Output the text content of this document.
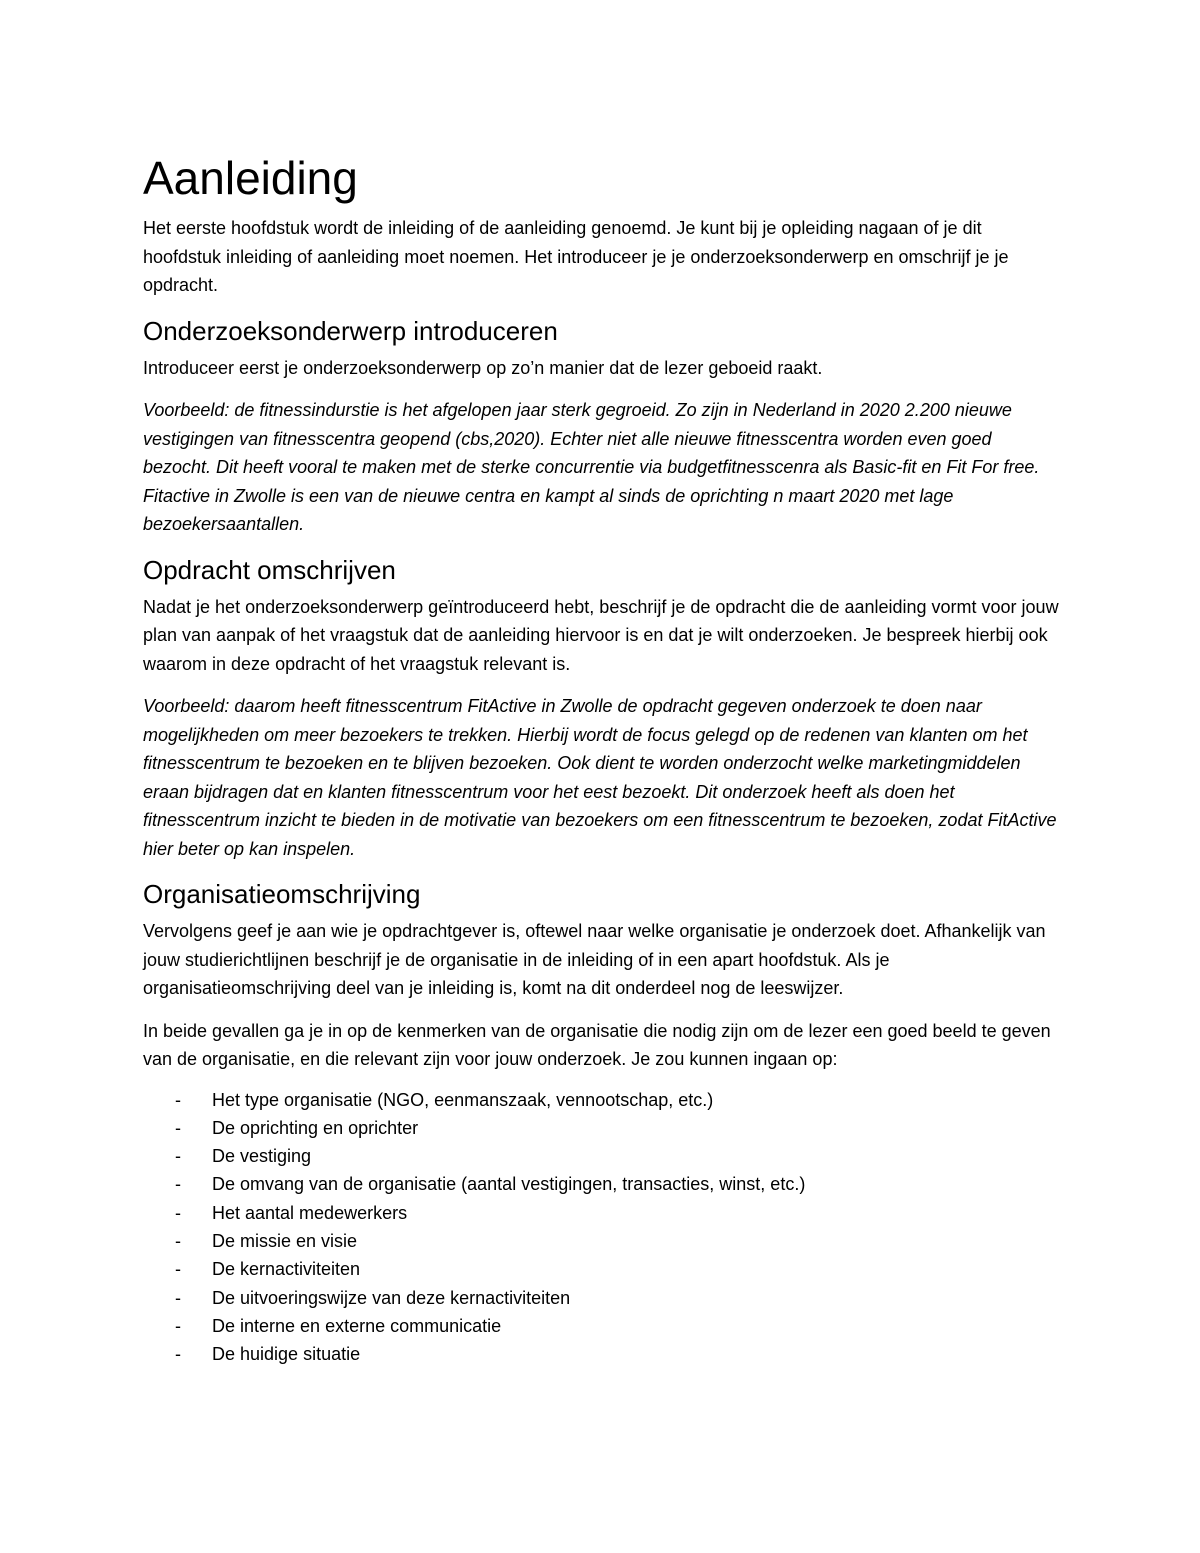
Aanleiding

Het eerste hoofdstuk wordt de inleiding of de aanleiding genoemd. Je kunt bij je opleiding nagaan of je dit hoofdstuk inleiding of aanleiding moet noemen. Het introduceer je je onderzoeksonderwerp en omschrijf je je opdracht.

Onderzoeksonderwerp introduceren

Introduceer eerst je onderzoeksonderwerp op zo’n manier dat de lezer geboeid raakt.

Voorbeeld: de fitnessindurstie is het afgelopen jaar sterk gegroeid. Zo zijn in Nederland in 2020 2.200 nieuwe vestigingen van fitnesscentra geopend (cbs,2020). Echter niet alle nieuwe fitnesscentra worden even goed bezocht. Dit heeft vooral te maken met de sterke concurrentie via budgetfitnesscenra als Basic-fit en Fit For free. Fitactive in Zwolle is een van de nieuwe centra en kampt al sinds de oprichting n maart 2020 met lage bezoekersaantallen.

Opdracht omschrijven

Nadat je het onderzoeksonderwerp geïntroduceerd hebt, beschrijf je de opdracht die de aanleiding vormt voor jouw plan van aanpak of het vraagstuk dat de aanleiding hiervoor is en dat je wilt onderzoeken. Je bespreek hierbij ook waarom in deze opdracht of het vraagstuk relevant is.

Voorbeeld: daarom heeft fitnesscentrum FitActive in Zwolle de opdracht gegeven onderzoek te doen naar mogelijkheden om meer bezoekers te trekken. Hierbij wordt de focus gelegd op de redenen van klanten om het fitnesscentrum te bezoeken en te blijven bezoeken. Ook dient te worden onderzocht welke marketingmiddelen eraan bijdragen dat en klanten fitnesscentrum voor het eest bezoekt. Dit onderzoek heeft als doen het fitnesscentrum inzicht te bieden in de motivatie van bezoekers om een fitnesscentrum te bezoeken, zodat FitActive hier beter op kan inspelen.

Organisatieomschrijving

Vervolgens geef je aan wie je opdrachtgever is, oftewel naar welke organisatie je onderzoek doet. Afhankelijk van jouw studierichtlijnen beschrijf je de organisatie in de inleiding of in een apart hoofdstuk. Als je organisatieomschrijving deel van je inleiding is, komt na dit onderdeel nog de leeswijzer.

In beide gevallen ga je in op de kenmerken van de organisatie die nodig zijn om de lezer een goed beeld te geven van de organisatie, en die relevant zijn voor jouw onderzoek. Je zou kunnen ingaan op:

- Het type organisatie (NGO, eenmanszaak, vennootschap, etc.)
- De oprichting en oprichter
- De vestiging
- De omvang van de organisatie (aantal vestigingen, transacties, winst, etc.)
- Het aantal medewerkers
- De missie en visie
- De kernactiviteiten
- De uitvoeringswijze van deze kernactiviteiten
- De interne en externe communicatie
- De huidige situatie
